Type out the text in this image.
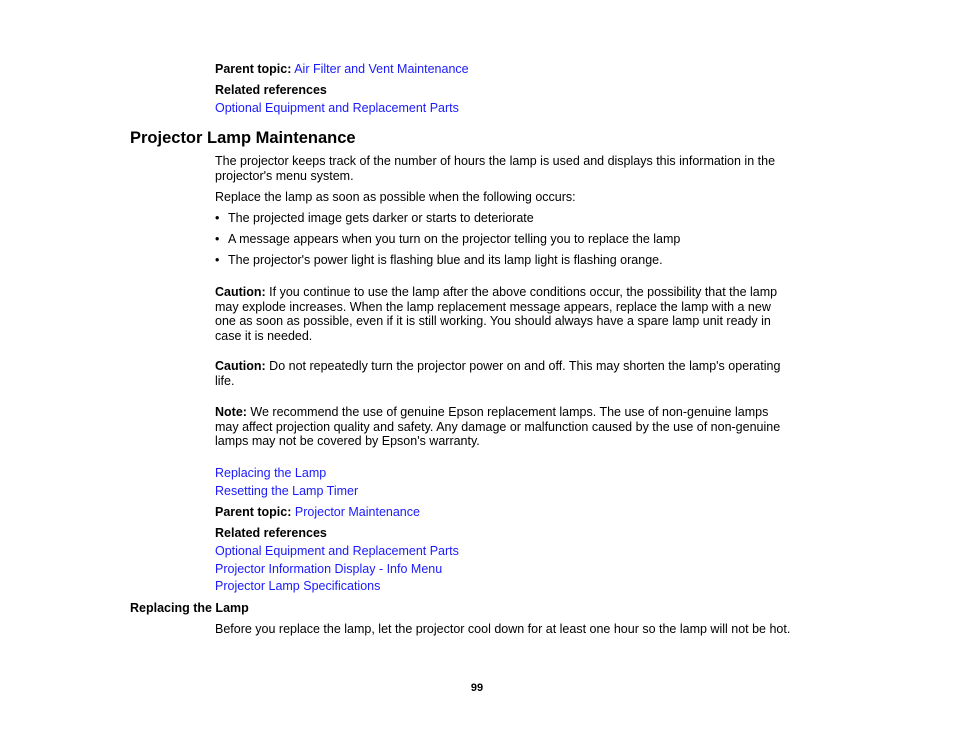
Parent topic: Air Filter and Vent Maintenance
Related references
Optional Equipment and Replacement Parts
Projector Lamp Maintenance
The projector keeps track of the number of hours the lamp is used and displays this information in the
projector's menu system.
Replace the lamp as soon as possible when the following occurs:
• The projected image gets darker or starts to deteriorate
• A message appears when you turn on the projector telling you to replace the lamp
• The projector's power light is flashing blue and its lamp light is flashing orange.
Caution: If you continue to use the lamp after the above conditions occur, the possibility that the lamp
may explode increases. When the lamp replacement message appears, replace the lamp with a new
one as soon as possible, even if it is still working. You should always have a spare lamp unit ready in
case it is needed.
Caution: Do not repeatedly turn the projector power on and off. This may shorten the lamp's operating
life.
Note: We recommend the use of genuine Epson replacement lamps. The use of non-genuine lamps
may affect projection quality and safety. Any damage or malfunction caused by the use of non-genuine
lamps may not be covered by Epson's warranty.
Replacing the Lamp
Resetting the Lamp Timer
Parent topic: Projector Maintenance
Related references
Optional Equipment and Replacement Parts
Projector Information Display - Info Menu
Projector Lamp Specifications
Replacing the Lamp
Before you replace the lamp, let the projector cool down for at least one hour so the lamp will not be hot.
99
